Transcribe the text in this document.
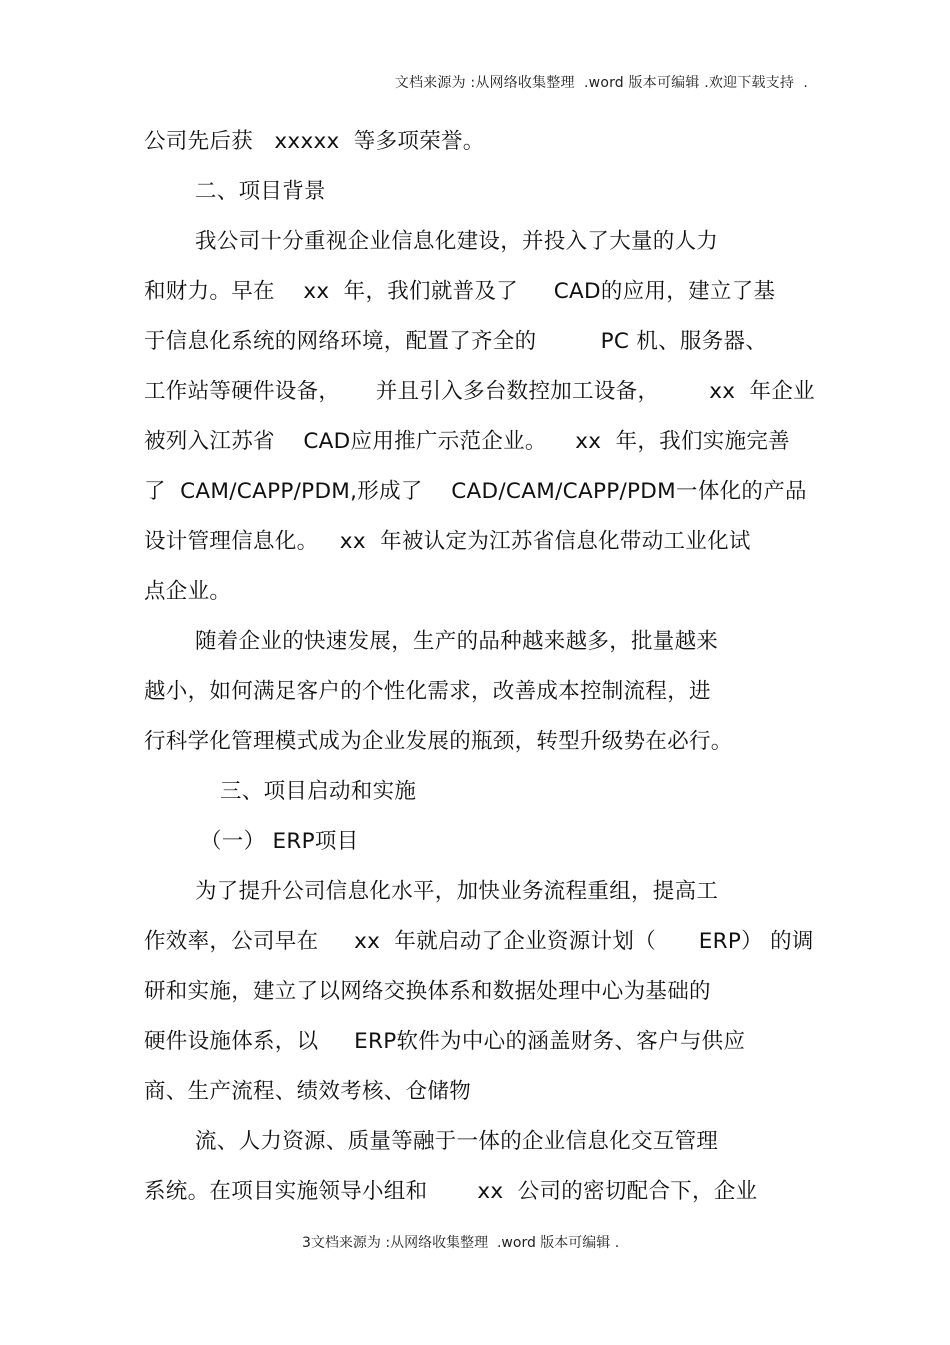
文档来源为 :从网络收集整理  .word 版本可编辑 .欢迎下载支持  .
公司先后获   xxxxx  等多项荣誉。
二、项目背景
我公司十分重视企业信息化建设，并投入了大量的人力
和财力。早在    xx  年，我们就普及了     CAD的应用，建立了基
于信息化系统的网络环境，配置了齐全的         PC 机、服务器、
工作站等硬件设备，     并且引入多台数控加工设备，       xx  年企业
被列入江苏省    CAD应用推广示范企业。    xx  年，我们实施完善
了  CAM/CAPP/PDM,形成了    CAD/CAM/CAPP/PDM一体化的产品
设计管理信息化。   xx  年被认定为江苏省信息化带动工业化试
点企业。
随着企业的快速发展，生产的品种越来越多，批量越来
越小，如何满足客户的个性化需求，改善成本控制流程，进
行科学化管理模式成为企业发展的瓶颈，转型升级势在必行。
三、项目启动和实施
（一） ERP项目
为了提升公司信息化水平，加快业务流程重组，提高工
作效率，公司早在     xx  年就启动了企业资源计划（      ERP） 的调
研和实施，建立了以网络交换体系和数据处理中心为基础的
硬件设施体系，以     ERP软件为中心的涵盖财务、客户与供应
商、生产流程、绩效考核、仓储物
流、人力资源、质量等融于一体的企业信息化交互管理
系统。在项目实施领导小组和       xx  公司的密切配合下，企业
3文档来源为 :从网络收集整理  .word 版本可编辑 .
